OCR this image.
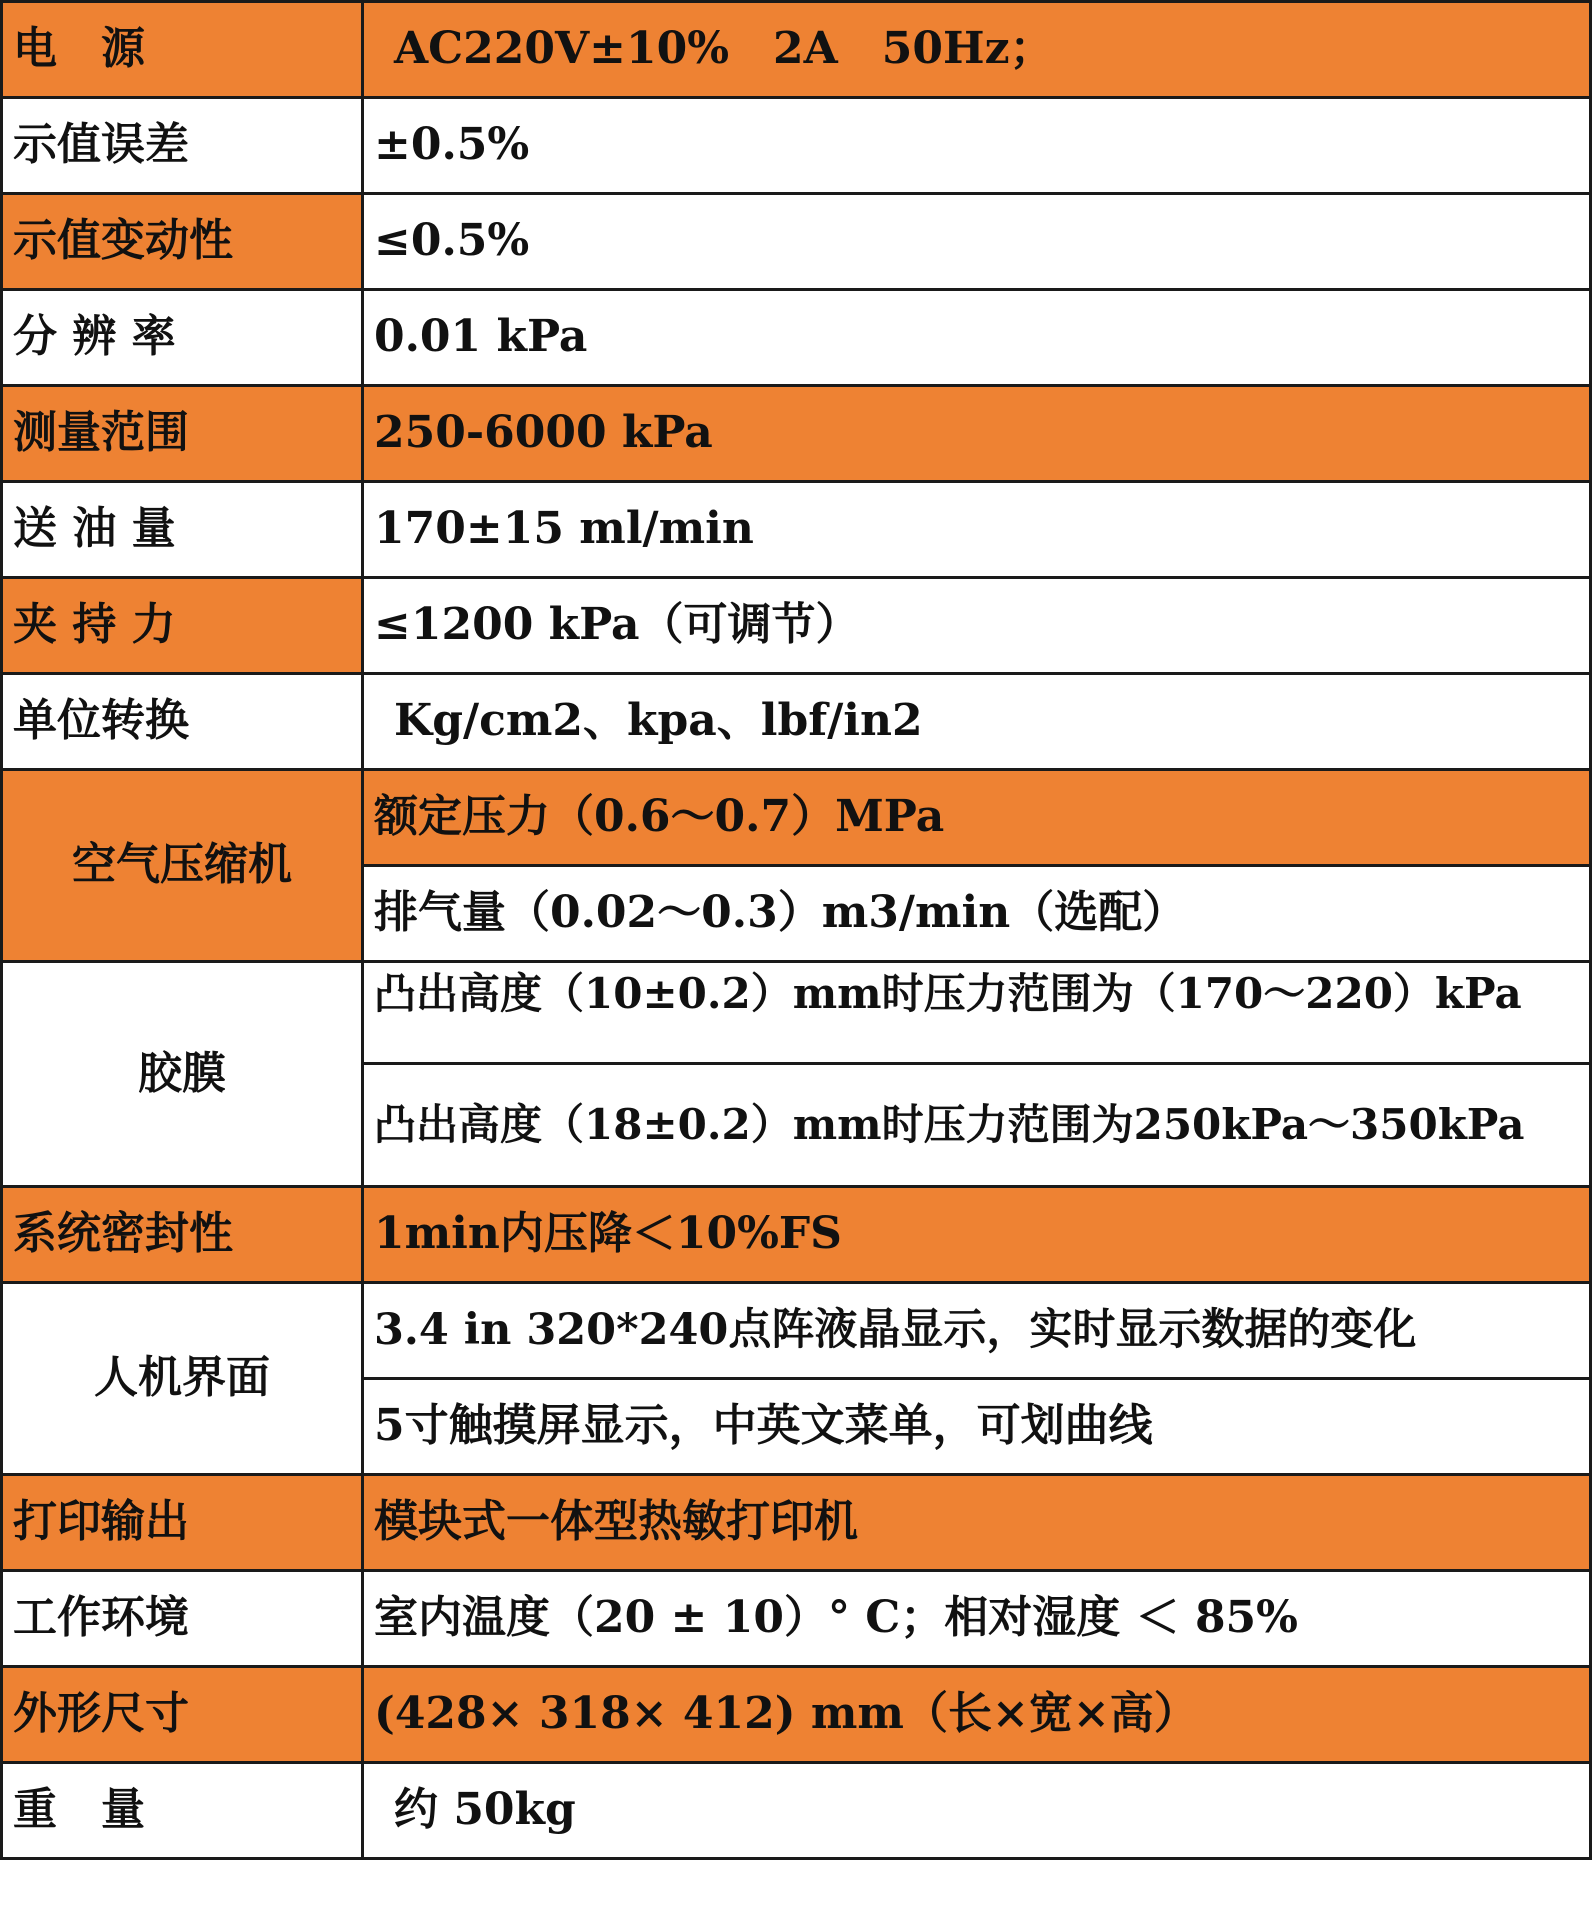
电　源	AC220V±10%　2A　50Hz；
示值误差	±0.5%
示值变动性	≤0.5%
分 辨 率	0.01 kPa
测量范围	250-6000 kPa
送 油 量	170±15 ml/min
夹 持 力	≤1200 kPa（可调节）
单位转换	Kg/cm2、kpa、lbf/in2
空气压缩机	额定压力（0.6～0.7）MPa
	排气量（0.02～0.3）m3/min（选配）
胶膜	凸出高度（10±0.2）mm时压力范围为（170～220）kPa
	凸出高度（18±0.2）mm时压力范围为250kPa～350kPa
系统密封性	1min内压降＜10%FS
人机界面	3.4 in 320*240点阵液晶显示，实时显示数据的变化
	5寸触摸屏显示，中英文菜单，可划曲线
打印输出	模块式一体型热敏打印机
工作环境	室内温度（20 ± 10）° C；相对湿度 ＜ 85%
外形尺寸	(428× 318× 412) mm（长×宽×高）
重　量	约 50kg
